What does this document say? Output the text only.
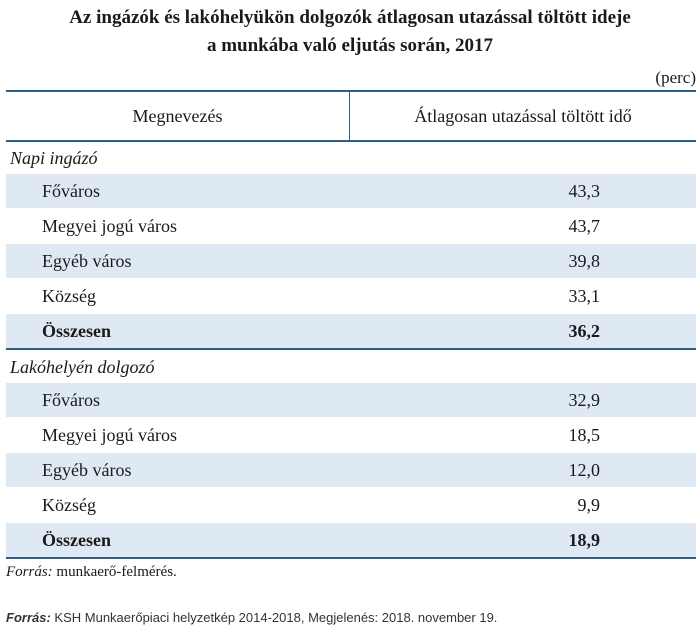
Az ingázók és lakóhelyükön dolgozók átlagosan utazással töltött ideje
a munkába való eljutás során, 2017
(perc)
Megnevezés	Átlagosan utazással töltött idő
Napi ingázó
Főváros	43,3
Megyei jogú város	43,7
Egyéb város	39,8
Község	33,1
Összesen	36,2
Lakóhelyén dolgozó
Főváros	32,9
Megyei jogú város	18,5
Egyéb város	12,0
Község	9,9
Összesen	18,9
Forrás: munkaerő-felmérés.
Forrás: KSH Munkaerőpiaci helyzetkép 2014-2018, Megjelenés: 2018. november 19.
